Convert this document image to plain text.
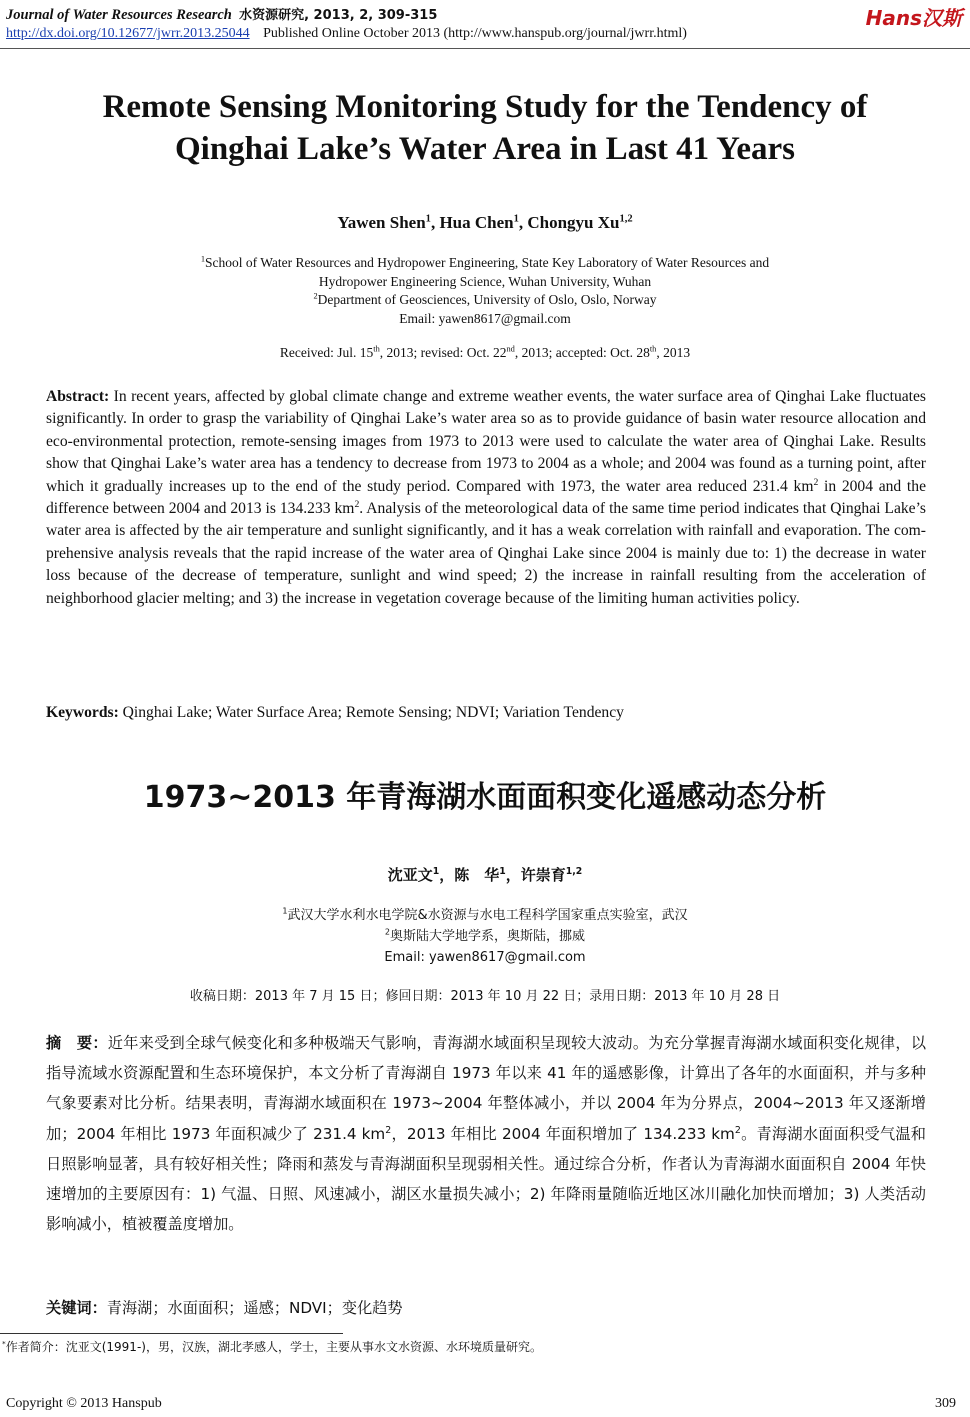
Journal of Water Resources Research 水资源研究, 2013, 2, 309-315
http://dx.doi.org/10.12677/jwrr.2013.25044 Published Online October 2013 (http://www.hanspub.org/journal/jwrr.html)
Hans汉斯
Remote Sensing Monitoring Study for the Tendency of
Qinghai Lake’s Water Area in Last 41 Years
Yawen Shen$^1$, Hua Chen$^1$, Chongyu Xu$^{1,2}$
$^1$School of Water Resources and Hydropower Engineering, State Key Laboratory of Water Resources and
Hydropower Engineering Science, Wuhan University, Wuhan
$^2$Department of Geosciences, University of Oslo, Oslo, Norway
Email: yawen8617@gmail.com
Received: Jul. 15th, 2013; revised: Oct. 22nd, 2013; accepted: Oct. 28th, 2013
Abstract: In recent years, affected by global climate change and extreme weather events, the water surface area of Qinghai Lake fluctuates significantly. In order to grasp the variability of Qinghai Lake’s water area so as to provide guidance of basin water resource allocation and eco-environmental protection, remote-sensing images from 1973 to 2013 were used to calculate the water area of Qinghai Lake. Results show that Qinghai Lake’s water area has a tendency to decrease from 1973 to 2004 as a whole; and 2004 was found as a turning point, after which it gradually increases up to the end of the study period. Compared with 1973, the water area reduced 231.4 $km^2$ in 2004 and the difference between 2004 and 2013 is 134.233 $km^2$. Analysis of the meteorological data of the same time period indicates that Qinghai Lake’s water area is affected by the air temperature and sunlight significantly, and it has a weak correlation with rainfall and evaporation. The comprehensive analysis reveals that the rapid increase of the water area of Qinghai Lake since 2004 is mainly due to: 1) the decrease in water loss because of the decrease of temperature, sunlight and wind speed; 2) the increase in rainfall resulting from the acceleration of neighborhood glacier melting; and 3) the increase in vegetation coverage because of the limiting human activities policy.
Keywords: Qinghai Lake; Water Surface Area; Remote Sensing; NDVI; Variation Tendency
1973~2013 年青海湖水面面积变化遥感动态分析
沈亚文$^1$，陈　华$^1$，许崇育$^{1,2}$
$^1$武汉大学水利水电学院&水资源与水电工程科学国家重点实验室，武汉
$^2$奥斯陆大学地学系，奥斯陆，挪威
Email: yawen8617@gmail.com
收稿日期：2013 年 7 月 15 日；修回日期：2013 年 10 月 22 日；录用日期：2013 年 10 月 28 日
摘　要：近年来受到全球气候变化和多种极端天气影响，青海湖水域面积呈现较大波动。为充分掌握青海湖水域面积变化规律，以指导流域水资源配置和生态环境保护，本文分析了青海湖自 1973 年以来 41 年的遥感影像，计算出了各年的水面面积，并与多种气象要素对比分析。结果表明，青海湖水域面积在 1973~2004 年整体减小，并以 2004 年为分界点，2004~2013 年又逐渐增加；2004 年相比 1973 年面积减少了 231.4 $km^2$，2013 年相比 2004 年面积增加了 134.233 $km^2$。青海湖水面面积受气温和日照影响显著，具有较好相关性；降雨和蒸发与青海湖面积呈现弱相关性。通过综合分析，作者认为青海湖水面面积自 2004 年快速增加的主要原因有：1) 气温、日照、风速减小，湖区水量损失减小；2) 年降雨量随临近地区冰川融化加快而增加；3) 人类活动影响减小，植被覆盖度增加。
关键词：青海湖；水面面积；遥感；NDVI；变化趋势
*作者简介：沈亚文(1991-)，男，汉族，湖北孝感人，学士，主要从事水文水资源、水环境质量研究。
Copyright © 2013 Hanspub	309
